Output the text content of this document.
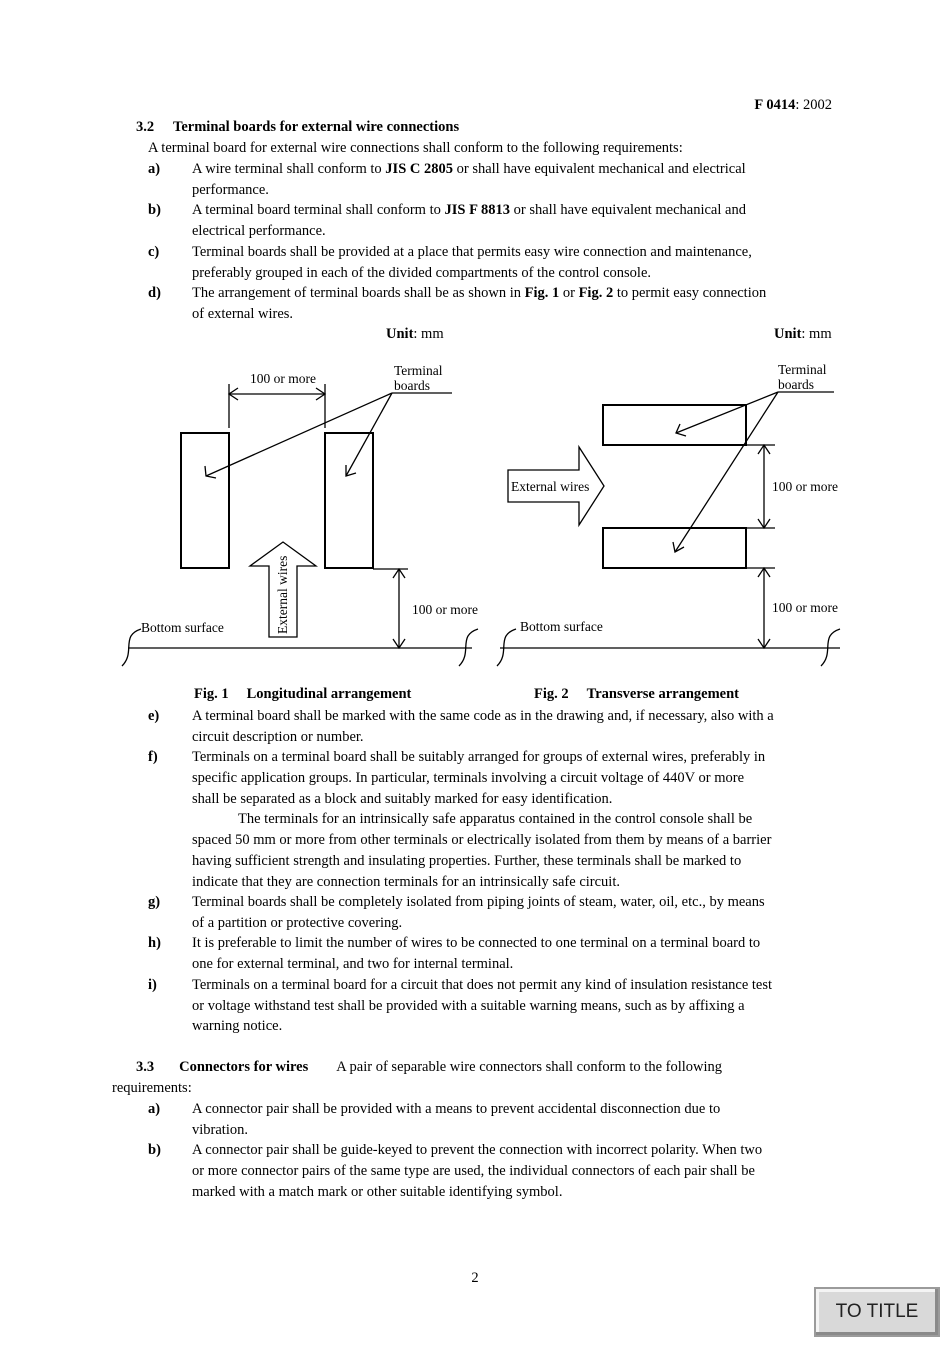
F 0414: 2002
3.2 Terminal boards for external wire connections
A terminal board for external wire connections shall conform to the following requirements:
a) A wire terminal shall conform to JIS C 2805 or shall have equivalent mechanical and electrical
performance.
b) A terminal board terminal shall conform to JIS F 8813 or shall have equivalent mechanical and
electrical performance.
c) Terminal boards shall be provided at a place that permits easy wire connection and maintenance,
preferably grouped in each of the divided compartments of the control console.
d) The arrangement of terminal boards shall be as shown in Fig. 1 or Fig. 2 to permit easy connection
of external wires.
Unit: mm	Unit: mm
100 or more
Terminal
boards
External wires	100 or more
Bottom surface
Terminal
boards
External wires	100 or more
100 or more
Bottom surface
Fig. 1 Longitudinal arrangement	Fig. 2 Transverse arrangement
e) A terminal board shall be marked with the same code as in the drawing and, if necessary, also with a
circuit description or number.
f) Terminals on a terminal board shall be suitably arranged for groups of external wires, preferably in
specific application groups. In particular, terminals involving a circuit voltage of 440V or more
shall be separated as a block and suitably marked for easy identification.
The terminals for an intrinsically safe apparatus contained in the control console shall be
spaced 50 mm or more from other terminals or electrically isolated from them by means of a barrier
having sufficient strength and insulating properties. Further, these terminals shall be marked to
indicate that they are connection terminals for an intrinsically safe circuit.
g) Terminal boards shall be completely isolated from piping joints of steam, water, oil, etc., by means
of a partition or protective covering.
h) It is preferable to limit the number of wires to be connected to one terminal on a terminal board to
one for external terminal, and two for internal terminal.
i) Terminals on a terminal board for a circuit that does not permit any kind of insulation resistance test
or voltage withstand test shall be provided with a suitable warning means, such as by affixing a
warning notice.
3.3 Connectors for wires A pair of separable wire connectors shall conform to the following
requirements:
a) A connector pair shall be provided with a means to prevent accidental disconnection due to
vibration.
b) A connector pair shall be guide-keyed to prevent the connection with incorrect polarity. When two
or more connector pairs of the same type are used, the individual connectors of each pair shall be
marked with a match mark or other suitable identifying symbol.
2
TO TITLE
